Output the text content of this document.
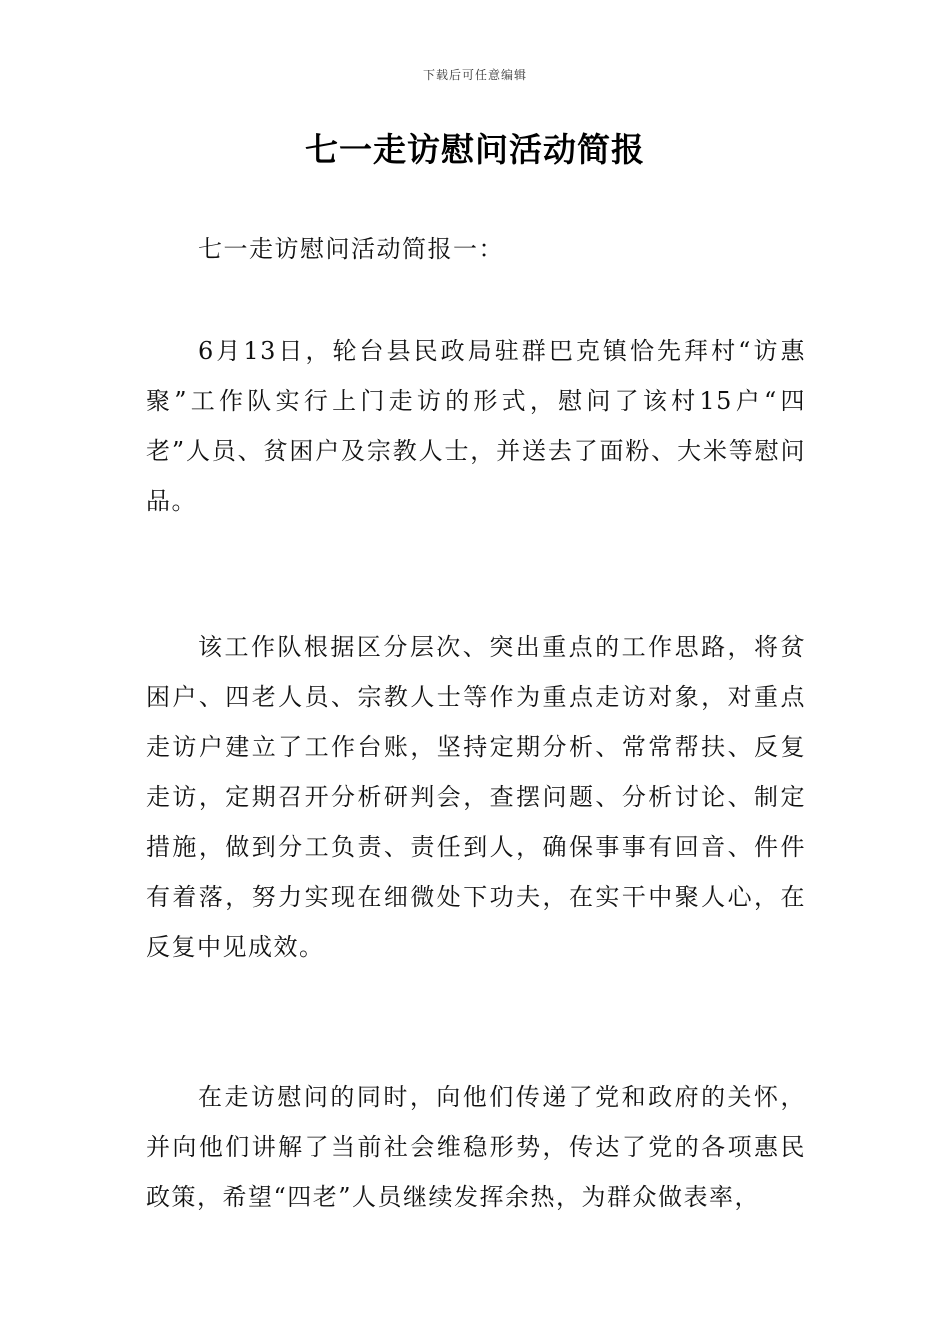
下载后可任意编辑
七一走访慰问活动简报

七一走访慰问活动简报一：

6月13日，轮台县民政局驻群巴克镇恰先拜村“访惠聚”工作队实行上门走访的形式，慰问了该村15户“四老”人员、贫困户及宗教人士，并送去了面粉、大米等慰问品。

该工作队根据区分层次、突出重点的工作思路，将贫困户、四老人员、宗教人士等作为重点走访对象，对重点走访户建立了工作台账，坚持定期分析、常常帮扶、反复走访，定期召开分析研判会，查摆问题、分析讨论、制定措施，做到分工负责、责任到人，确保事事有回音、件件有着落，努力实现在细微处下功夫，在实干中聚人心，在反复中见成效。

在走访慰问的同时，向他们传递了党和政府的关怀，并向他们讲解了当前社会维稳形势，传达了党的各项惠民政策，希望“四老”人员继续发挥余热，为群众做表率，
